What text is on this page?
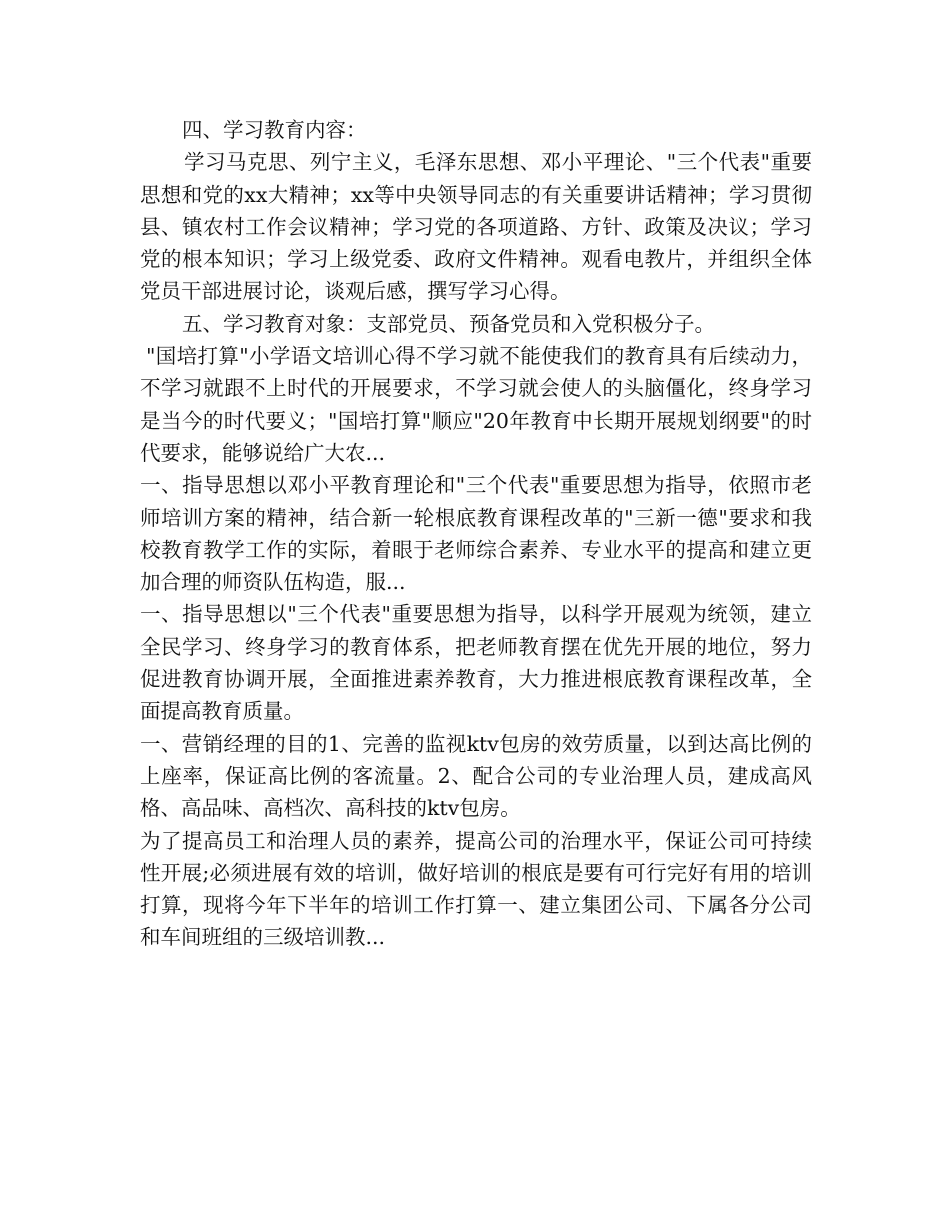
四、学习教育内容：

学习马克思、列宁主义，毛泽东思想、邓小平理论、"三个代表"重要思想和党的xx大精神；xx等中央领导同志的有关重要讲话精神；学习贯彻县、镇农村工作会议精神；学习党的各项道路、方针、政策及决议；学习党的根本知识；学习上级党委、政府文件精神。观看电教片，并组织全体党员干部进展讨论，谈观后感，撰写学习心得。

五、学习教育对象：支部党员、预备党员和入党积极分子。

"国培打算"小学语文培训心得不学习就不能使我们的教育具有后续动力，不学习就跟不上时代的开展要求，不学习就会使人的头脑僵化，终身学习是当今的时代要义；"国培打算"顺应"20年教育中长期开展规划纲要"的时代要求，能够说给广大农...

一、指导思想以邓小平教育理论和"三个代表"重要思想为指导，依照市老师培训方案的精神，结合新一轮根底教育课程改革的"三新一德"要求和我校教育教学工作的实际，着眼于老师综合素养、专业水平的提高和建立更加合理的师资队伍构造，服...

一、指导思想以"三个代表"重要思想为指导，以科学开展观为统领，建立全民学习、终身学习的教育体系，把老师教育摆在优先开展的地位，努力促进教育协调开展，全面推进素养教育，大力推进根底教育课程改革，全面提高教育质量。

一、营销经理的目的1、完善的监视ktv包房的效劳质量，以到达高比例的上座率，保证高比例的客流量。2、配合公司的专业治理人员，建成高风格、高品味、高档次、高科技的ktv包房。

为了提高员工和治理人员的素养，提高公司的治理水平，保证公司可持续性开展;必须进展有效的培训，做好培训的根底是要有可行完好有用的培训打算，现将今年下半年的培训工作打算一、建立集团公司、下属各分公司和车间班组的三级培训教...
